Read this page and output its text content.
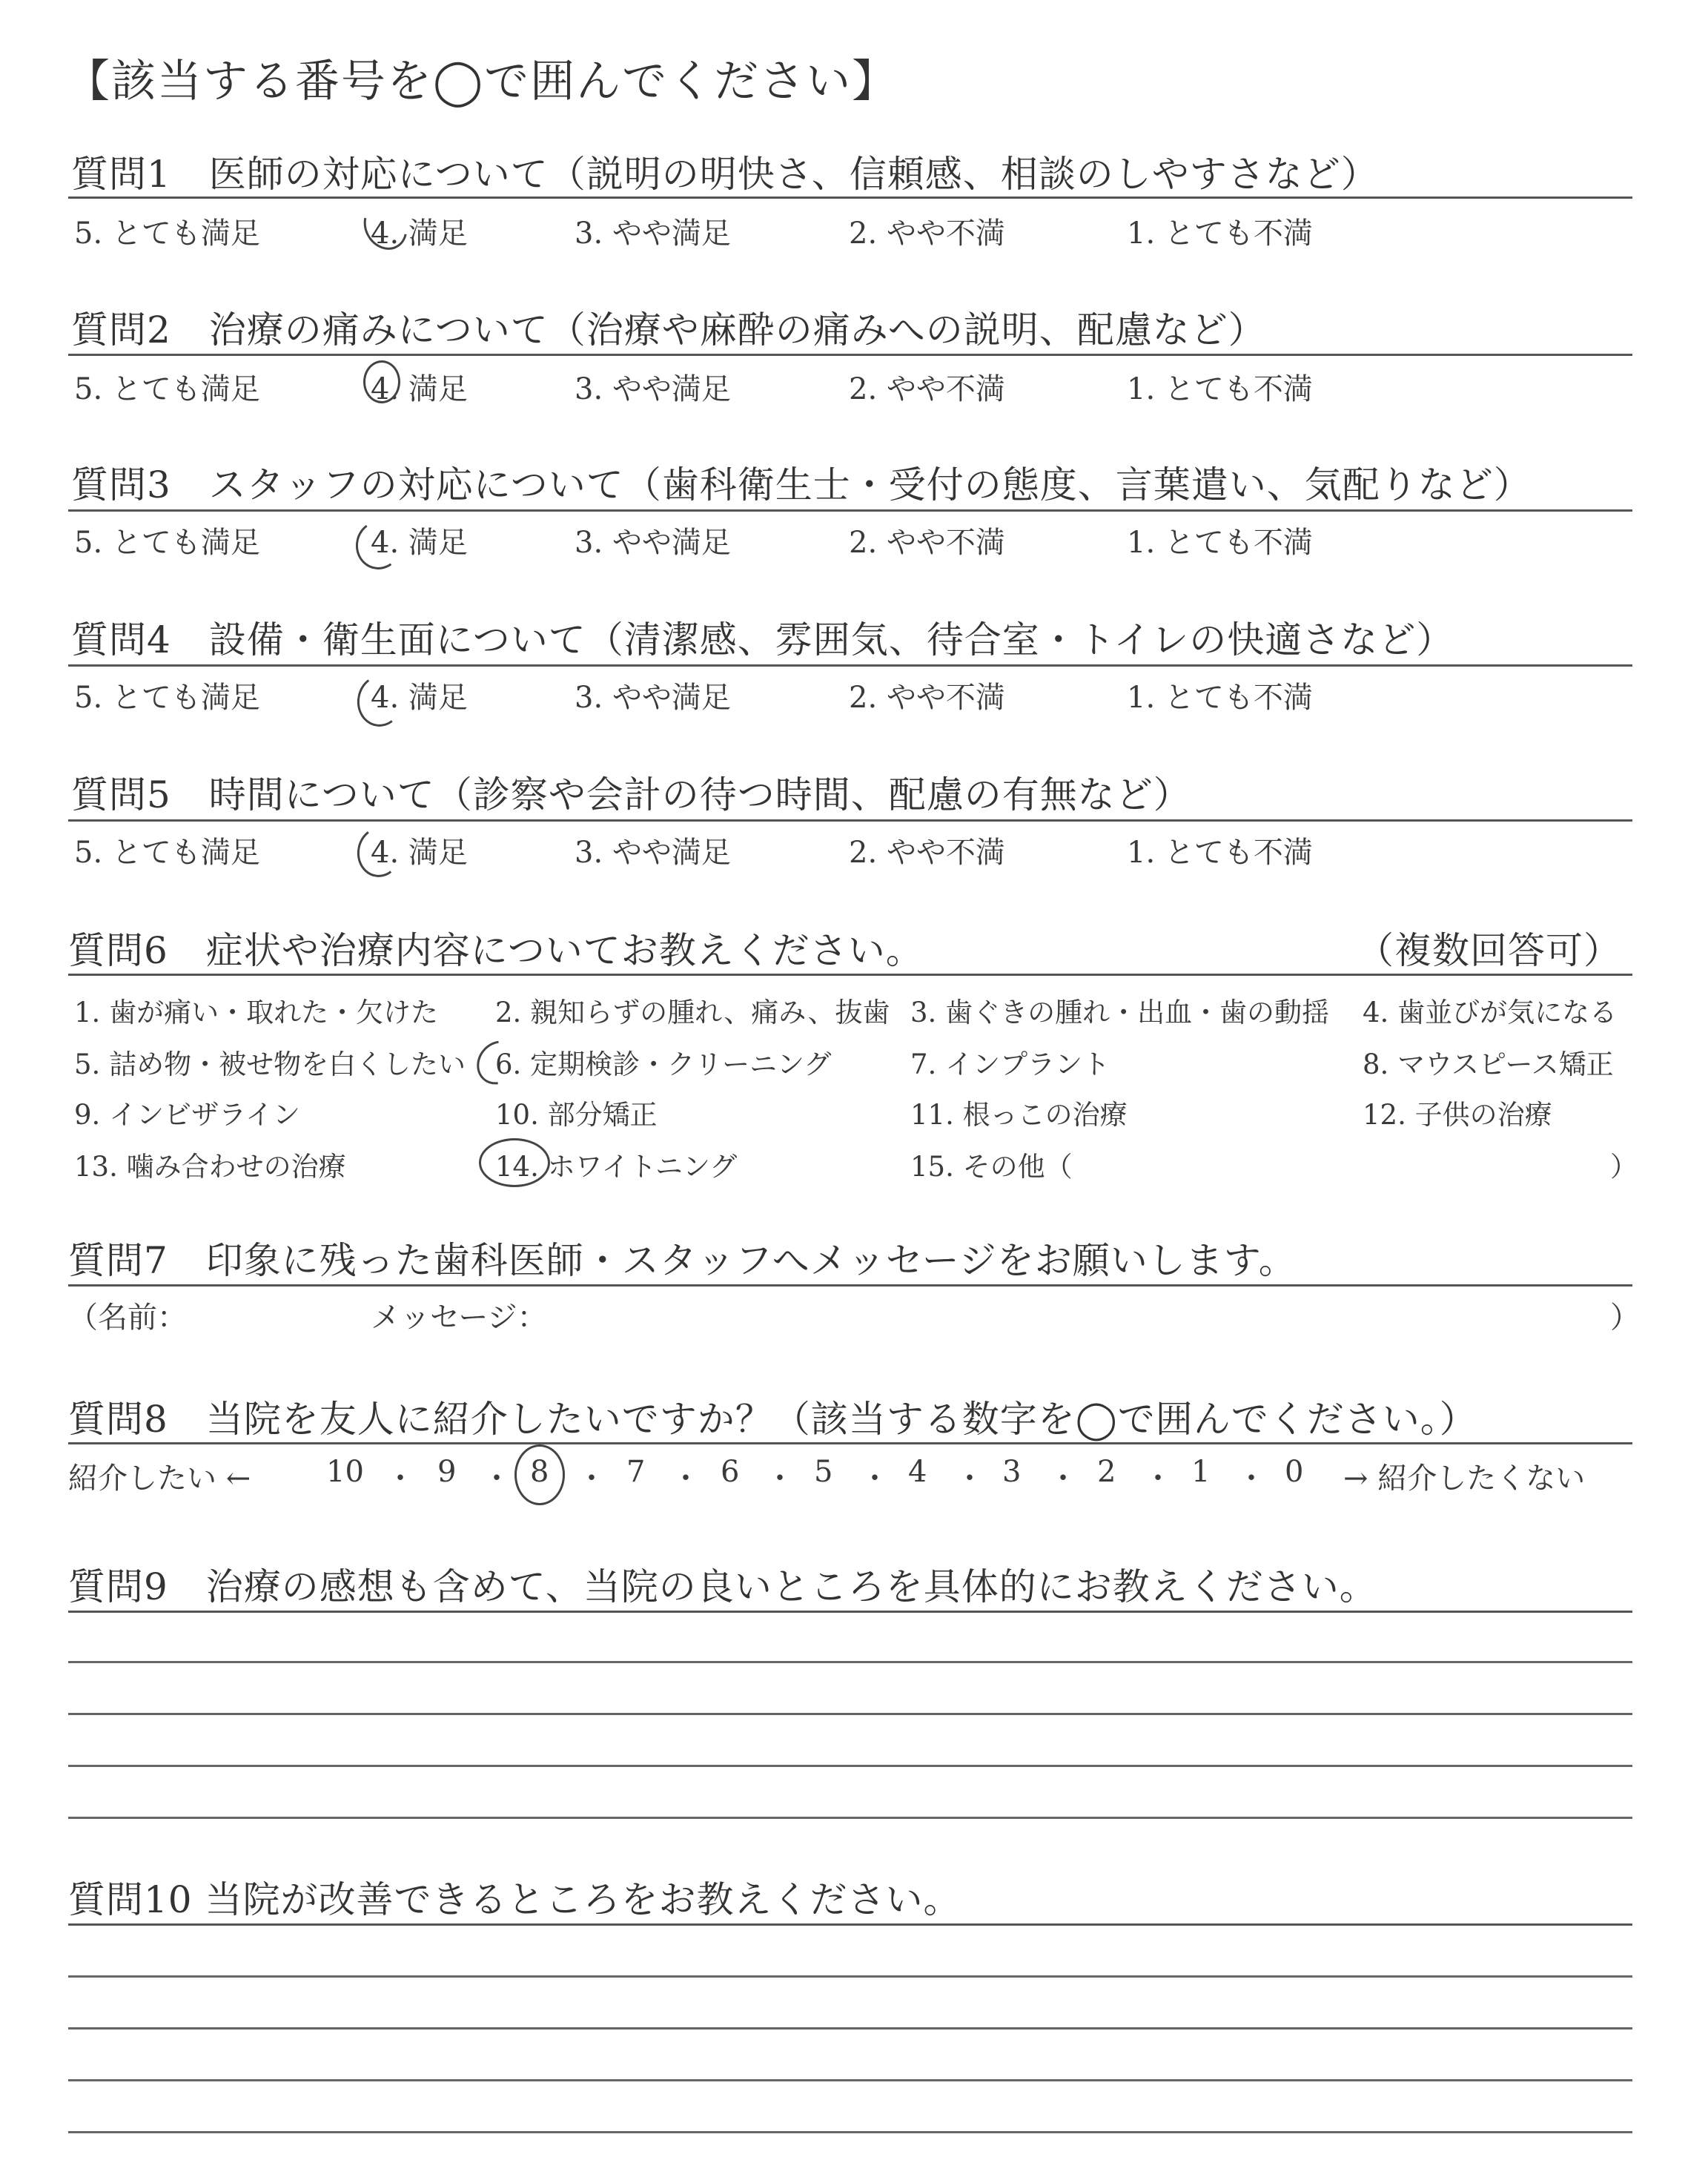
【該当する番号を◯で囲んでください】
質問1　医師の対応について（説明の明快さ、信頼感、相談のしやすさなど）
5. とても満足	4. 満足	3. やや満足	2. やや不満	1. とても不満
質問2　治療の痛みについて（治療や麻酔の痛みへの説明、配慮など）
5. とても満足	4. 満足	3. やや満足	2. やや不満	1. とても不満
質問3　スタッフの対応について（歯科衛生士・受付の態度、言葉遣い、気配りなど）
5. とても満足	4. 満足	3. やや満足	2. やや不満	1. とても不満
質問4　設備・衛生面について（清潔感、雰囲気、待合室・トイレの快適さなど）
5. とても満足	4. 満足	3. やや満足	2. やや不満	1. とても不満
質問5　時間について（診察や会計の待つ時間、配慮の有無など）
5. とても満足	4. 満足	3. やや満足	2. やや不満	1. とても不満
質問6　症状や治療内容についてお教えください。	（複数回答可）
1. 歯が痛い・取れた・欠けた 2. 親知らずの腫れ、痛み、抜歯 3. 歯ぐきの腫れ・出血・歯の動揺 4. 歯並びが気になる
5. 詰め物・被せ物を白くしたい 6. 定期検診・クリーニング	7. インプラント	8. マウスピース矯正
9. インビザライン	10. 部分矯正	11. 根っこの治療	12. 子供の治療
13. 噛み合わせの治療	14. ホワイトニング	15. その他（	）
質問7　印象に残った歯科医師・スタッフへメッセージをお願いします。
（名前：	メッセージ：	）
質問8　当院を友人に紹介したいですか？（該当する数字を◯で囲んでください。）
紹介したい ←	→ 紹介したくない
10 ・ 9 ・ 8 ・ 7 ・ 6 ・ 5 ・ 4 ・ 3 ・ 2 ・ 1 ・ 0
質問9　治療の感想も含めて、当院の良いところを具体的にお教えください。
質問10 当院が改善できるところをお教えください。
